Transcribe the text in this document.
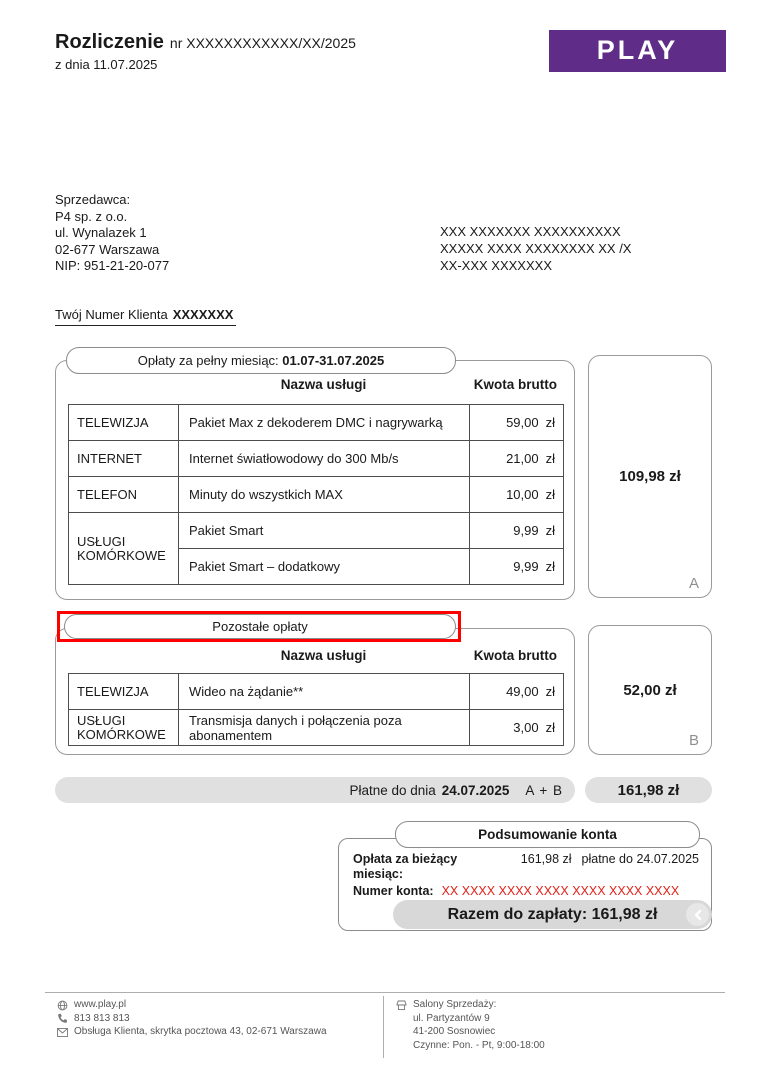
Rozliczenie nr XXXXXXXXXXXX/XX/2025
z dnia 11.07.2025	PLAY
Sprzedawca:
P4 sp. z o.o.
ul. Wynalazek 1
02-677 Warszawa
NIP: 951-21-20-077
XXX XXXXXXX XXXXXXXXXX
XXXXX XXXX XXXXXXXX XX /X
XX-XXX XXXXXXX
Twój Numer Klienta XXXXXXX
Opłaty za pełny miesiąc:
01.07-31.07.2025
Nazwa usługi	Kwota brutto
TELEWIZJA	Pakiet Max z dekoderem DMC i nagrywarką	59,00 zł
INTERNET	Internet światłowodowy do 300 Mb/s	21,00 zł
TELEFON	Minuty do wszystkich MAX	10,00 zł
USŁUGI KOMÓRKOWE	Pakiet Smart	9,99 zł
	Pakiet Smart – dodatkowy	9,99 zł
109,98 zł
A
Pozostałe opłaty
Nazwa usługi	Kwota brutto
TELEWIZJA	Wideo na żądanie**	49,00 zł
USŁUGI KOMÓRKOWE	Transmisja danych i połączenia poza abonamentem	3,00 zł
52,00 zł
B
Płatne do dnia 24.07.2025 A + B	161,98 zł
Podsumowanie konta
Opłata za bieżący miesiąc:
161,98 zł płatne do 24.07.2025
Numer konta: XX XXXX XXXX XXXX XXXX XXXX XXXX
Razem do zapłaty: 161,98 zł
www.play.pl
813 813 813
Obsługa Klienta, skrytka pocztowa 43, 02-671 Warszawa
Salony Sprzedaży:
ul. Partyzantów 9
41-200 Sosnowiec
Czynne: Pon. - Pt, 9:00-18:00
